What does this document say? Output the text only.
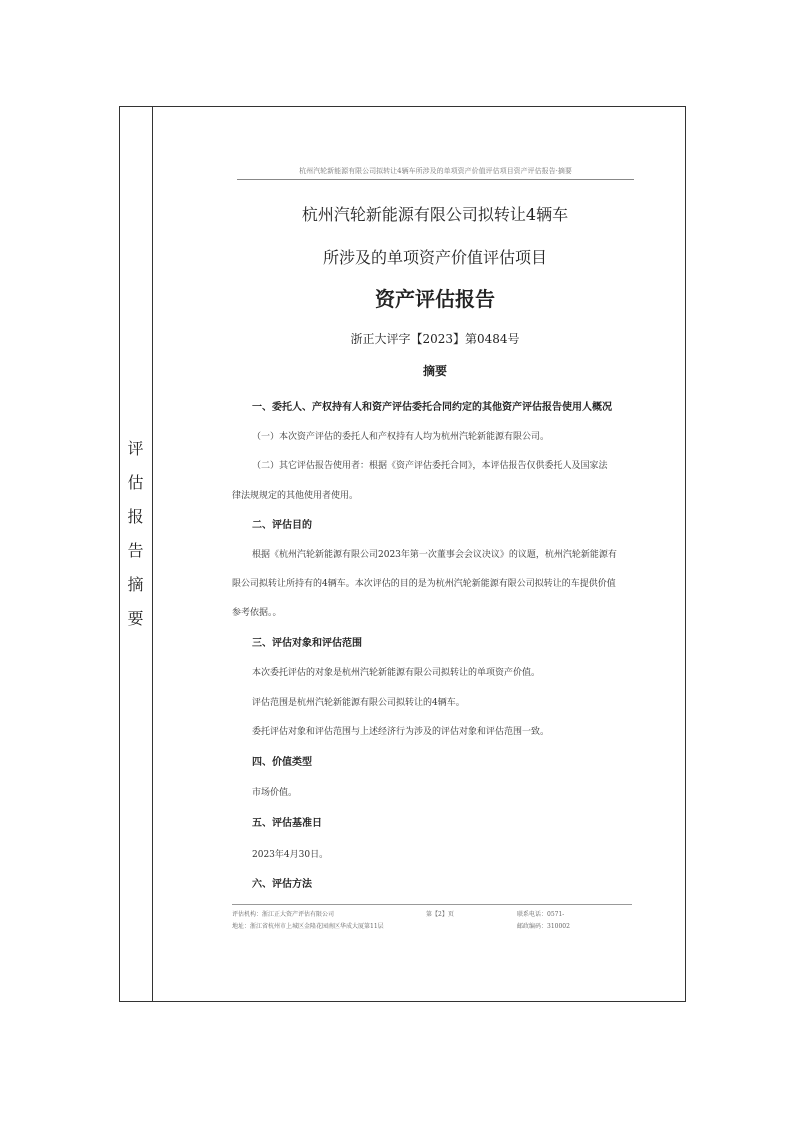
评
估
报
告
摘
要
杭州汽轮新能源有限公司拟转让4辆车所涉及的单项资产价值评估项目资产评估报告·摘要
杭州汽轮新能源有限公司拟转让4辆车
所涉及的单项资产价值评估项目
资产评估报告
浙正大评字【2023】第0484号
摘要
一、委托人、产权持有人和资产评估委托合同约定的其他资产评估报告使用人概况
（一）本次资产评估的委托人和产权持有人均为杭州汽轮新能源有限公司。
（二）其它评估报告使用者：根据《资产评估委托合同》，本评估报告仅供委托人及国家法
律法规规定的其他使用者使用。
二、评估目的
根据《杭州汽轮新能源有限公司2023年第一次董事会会议决议》的议题，杭州汽轮新能源有
限公司拟转让所持有的4辆车。本次评估的目的是为杭州汽轮新能源有限公司拟转让的车提供价值
参考依据。。
三、评估对象和评估范围
本次委托评估的对象是杭州汽轮新能源有限公司拟转让的单项资产价值。
评估范围是杭州汽轮新能源有限公司拟转让的4辆车。
委托评估对象和评估范围与上述经济行为涉及的评估对象和评估范围一致。
四、价值类型
市场价值。
五、评估基准日
2023年4月30日。
六、评估方法
评估机构：浙江正大资产评估有限公司	第【2】页	联系电话：0571-
地址：浙江省杭州市上城区金隆花园南区华成大厦第11层	邮政编码：310002
